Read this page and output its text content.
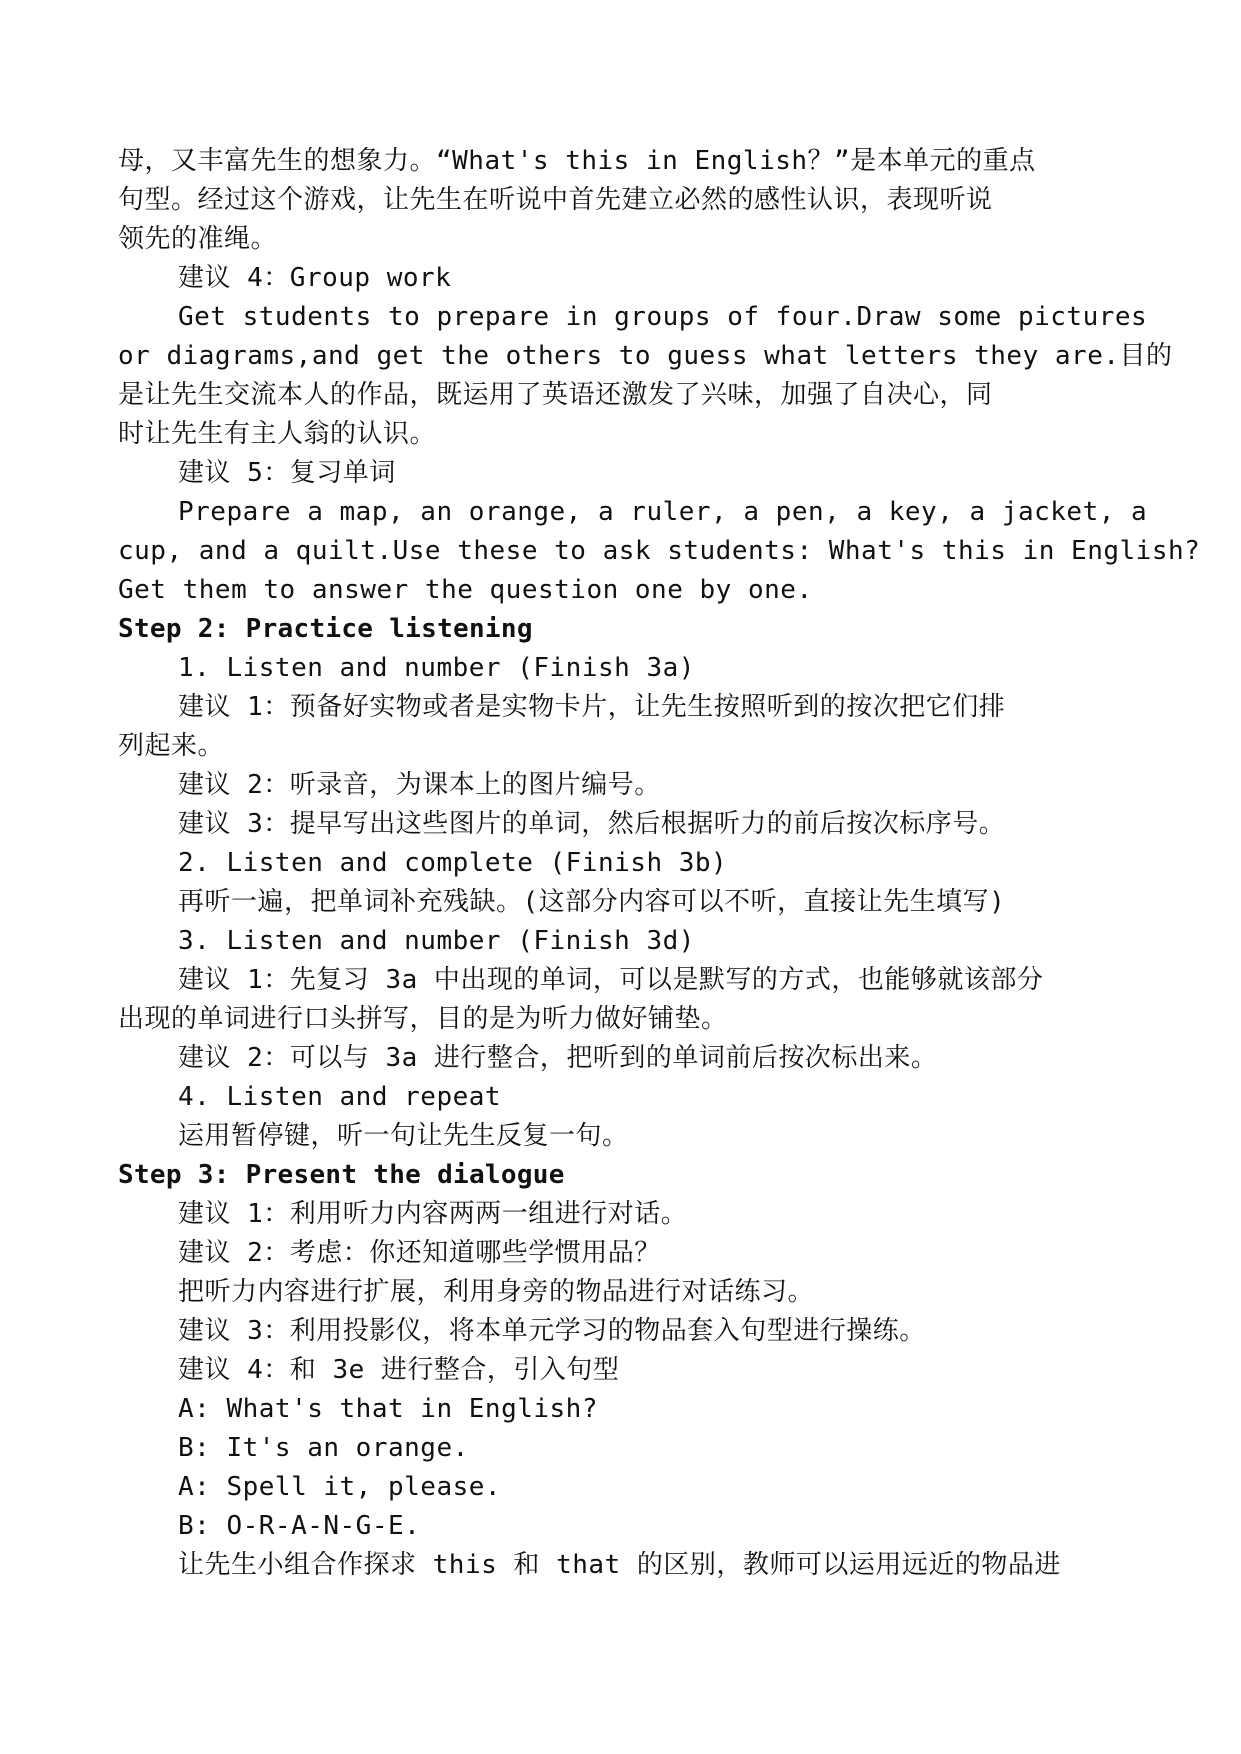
母，又丰富先生的想象力。“What's this in English？”是本单元的重点
句型。经过这个游戏，让先生在听说中首先建立必然的感性认识，表现听说
领先的准绳。
建议 4：Group work
Get students to prepare in groups of four.Draw some pictures
or diagrams,and get the others to guess what letters they are.目的
是让先生交流本人的作品，既运用了英语还激发了兴味，加强了自决心，同
时让先生有主人翁的认识。
建议 5：复习单词
Prepare a map, an orange, a ruler, a pen, a key, a jacket, a
cup, and a quilt.Use these to ask students: What's this in English?
Get them to answer the question one by one.
Step 2: Practice listening
1. Listen and number (Finish 3a)
建议 1：预备好实物或者是实物卡片，让先生按照听到的按次把它们排
列起来。
建议 2：听录音，为课本上的图片编号。
建议 3：提早写出这些图片的单词，然后根据听力的前后按次标序号。
2. Listen and complete (Finish 3b)
再听一遍，把单词补充残缺。(这部分内容可以不听，直接让先生填写)
3. Listen and number (Finish 3d)
建议 1：先复习 3a 中出现的单词，可以是默写的方式，也能够就该部分
出现的单词进行口头拼写，目的是为听力做好铺垫。
建议 2：可以与 3a 进行整合，把听到的单词前后按次标出来。
4. Listen and repeat
运用暂停键，听一句让先生反复一句。
Step 3: Present the dialogue
建议 1：利用听力内容两两一组进行对话。
建议 2：考虑：你还知道哪些学惯用品？
把听力内容进行扩展，利用身旁的物品进行对话练习。
建议 3：利用投影仪，将本单元学习的物品套入句型进行操练。
建议 4：和 3e 进行整合，引入句型
A: What's that in English?
B: It's an orange.
A: Spell it, please.
B: O-R-A-N-G-E.
让先生小组合作探求 this 和 that 的区别，教师可以运用远近的物品进
